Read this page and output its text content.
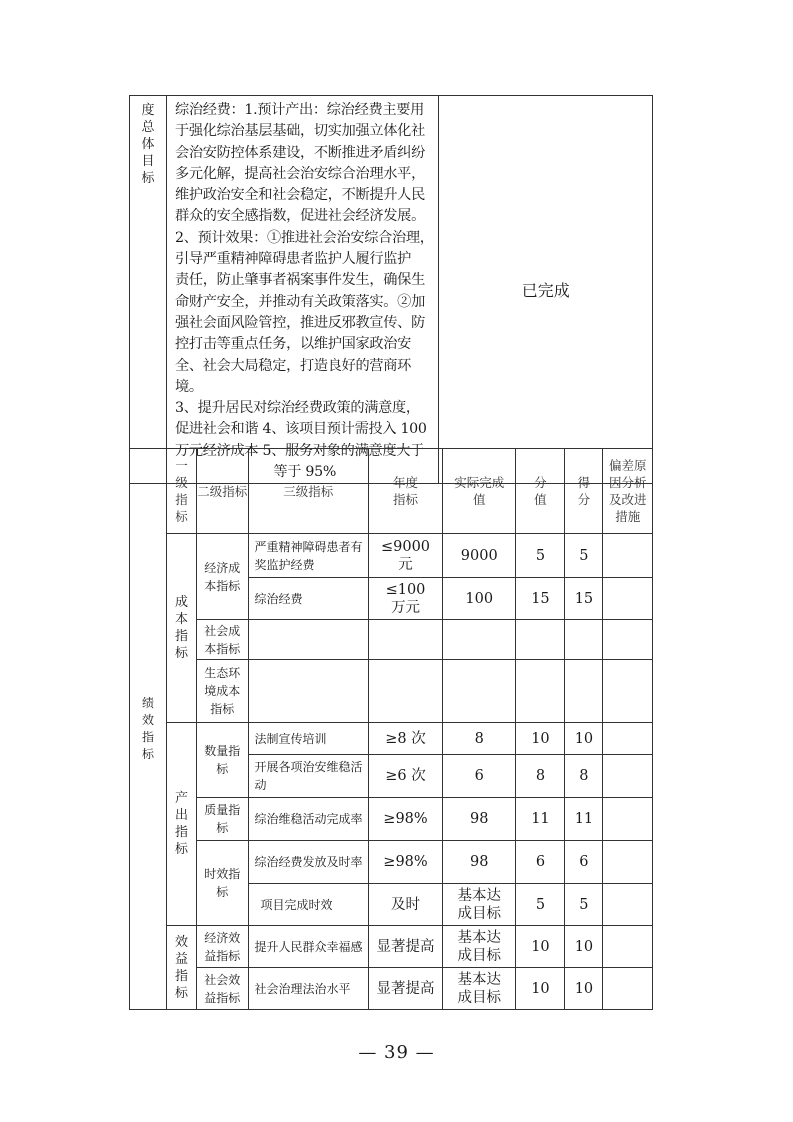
度总体目标	

综治经费：1.预计产出：综治经费主要用

于强化综治基层基础，切实加强立体化社

会治安防控体系建设，不断推进矛盾纠纷

多元化解，提高社会治安综合治理水平，

维护政治安全和社会稳定，不断提升人民

群众的安全感指数，促进社会经济发展。

2、预计效果：①推进社会治安综合治理，

引导严重精神障碍患者监护人履行监护

责任，防止肇事者祸案事件发生，确保生

命财产安全，并推动有关政策落实。②加

强社会面风险管控，推进反邪教宣传、防

控打击等重点任务，以维护国家政治安

全、社会大局稳定，打造良好的营商环境。

3、提升居民对综治经费政策的满意度，

促进社会和谐 4、该项目预计需投入 100

万元经济成本 5、服务对象的满意度大于

等于 95%

	已完成
绩效指标	一级指标	二级指标	三级指标	年度指标	实际完成值	分值	得分	偏差原因分析及改进措施
	成本指标	经济成本指标	严重精神障碍患者有奖监护经费	≤9000元	9000	5	5	
			综治经费	≤100 万元	100	15	15	
		社会成本指标						
		生态环境成本指标						
	产出指标	数量指标	法制宣传培训	≥8 次	8	10	10	
			开展各项治安维稳活动	≥6 次	6	8	8	
		质量指标	综治维稳活动完成率	≥98%	98	11	11	
		时效指标	综治经费发放及时率	≥98%	98	6	6	
			项目完成时效	及时	基本达成目标	5	5	
	效益指标	经济效益指标	提升人民群众幸福感	显著提高	基本达成目标	10	10	
		社会效益指标	社会治理法治水平	显著提高	基本达成目标	10	10	
— 39 —
